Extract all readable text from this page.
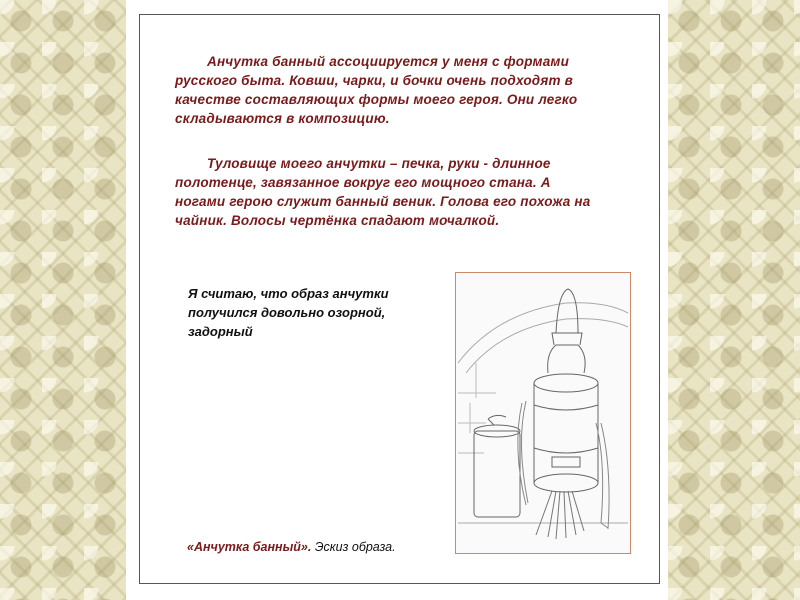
Анчутка банный ассоциируется у меня с формами русского быта. Ковши, чарки, и бочки очень подходят в качестве составляющих формы моего героя. Они легко складываются в композицию.

Туловище моего анчутки – печка, руки - длинное полотенце, завязанное вокруг его мощного стана. А ногами герою служит банный веник. Голова его похожа на чайник. Волосы чертёнка спадают мочалкой.

Я считаю, что образ анчутки получился довольно озорной, задорный

«Анчутка банный». Эскиз образа.
